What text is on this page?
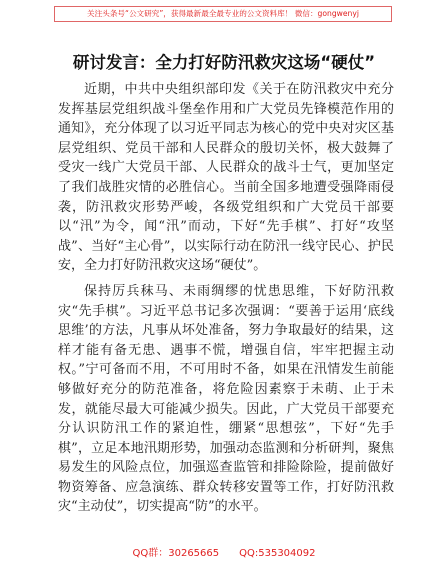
关注头条号“公文研究”，获得最新最全最专业的公文资料库！ 微信：gongwenyj
研讨发言：全力打好防汛救灾这场“硬仗”

近期，中共中央组织部印发《关于在防汛救灾中充分发挥基层党组织战斗堡垒作用和广大党员先锋模范作用的通知》，充分体现了以习近平同志为核心的党中央对灾区基层党组织、党员干部和人民群众的殷切关怀，极大鼓舞了受灾一线广大党员干部、人民群众的战斗士气，更加坚定了我们战胜灾情的必胜信心。当前全国多地遭受强降雨侵袭，防汛救灾形势严峻，各级党组织和广大党员干部要以“汛”为令，闻“汛”而动，下好“先手棋”、打好“攻坚战”、当好“主心骨”，以实际行动在防汛一线守民心、护民安，全力打好防汛救灾这场“硬仗”。

保持厉兵秣马、未雨绸缪的忧患思维，下好防汛救灾“先手棋”。习近平总书记多次强调：“要善于运用‘底线思维’的方法，凡事从坏处准备，努力争取最好的结果，这样才能有备无患、遇事不慌，增强自信，牢牢把握主动权。”宁可备而不用，不可用时不备，如果在汛情发生前能够做好充分的防范准备，将危险因素察于未萌、止于未发，就能尽最大可能减少损失。因此，广大党员干部要充分认识防汛工作的紧迫性，绷紧“思想弦”，下好“先手棋”，立足本地汛期形势，加强动态监测和分析研判，聚焦易发生的风险点位，加强巡查监管和排险除险，提前做好物资筹备、应急演练、群众转移安置等工作，打好防汛救灾“主动仗”，切实提高“防”的水平。

QQ群：30265665 QQ:535304092
